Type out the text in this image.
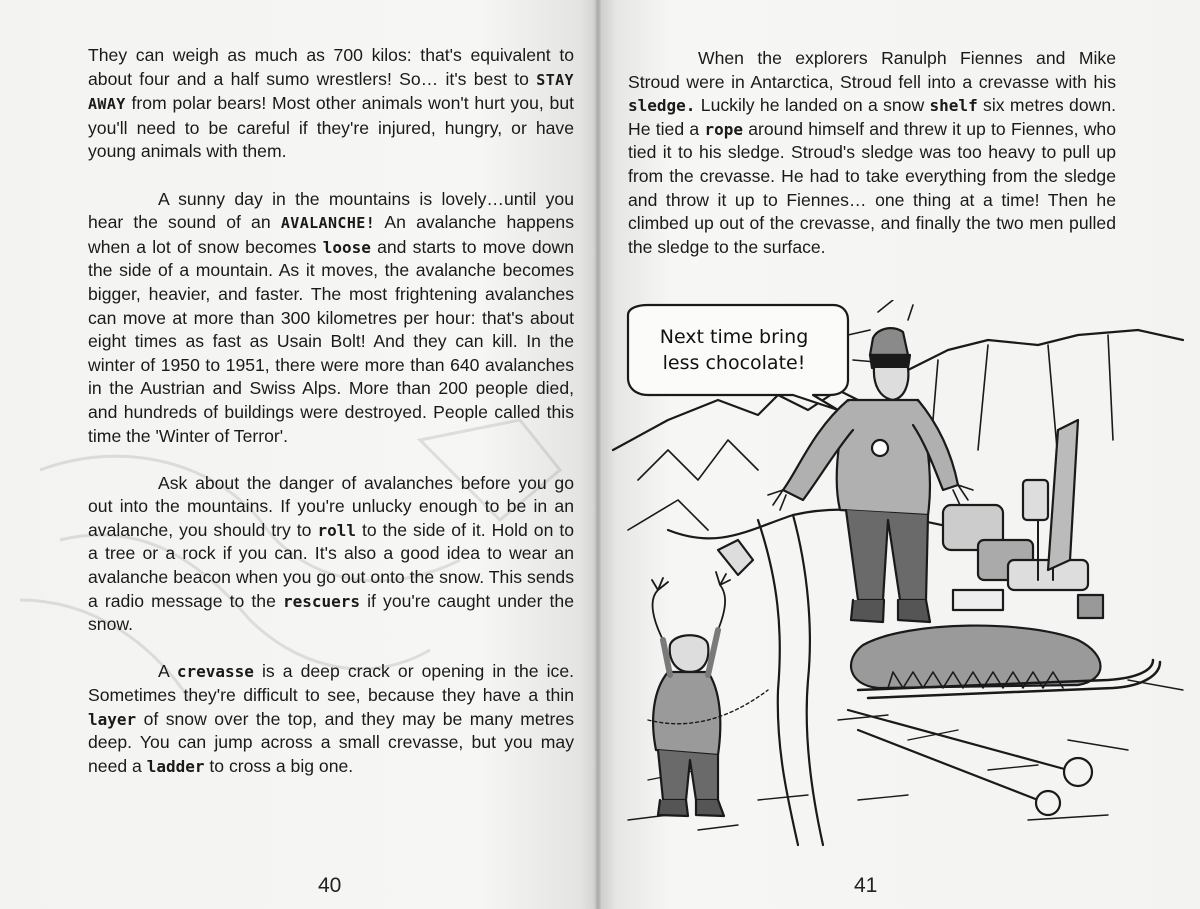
They can weigh as much as 700 kilos: that's equivalent to about four and a half sumo wrestlers! So… it's best to STAY AWAY from polar bears! Most other animals won't hurt you, but you'll need to be careful if they're injured, hungry, or have young animals with them.

A sunny day in the mountains is lovely…until you hear the sound of an AVALANCHE! An avalanche happens when a lot of snow becomes loose and starts to move down the side of a mountain. As it moves, the avalanche becomes bigger, heavier, and faster. The most frightening avalanches can move at more than 300 kilometres per hour: that's about eight times as fast as Usain Bolt! And they can kill. In the winter of 1950 to 1951, there were more than 640 avalanches in the Austrian and Swiss Alps. More than 200 people died, and hundreds of buildings were destroyed. People called this time the 'Winter of Terror'.

Ask about the danger of avalanches before you go out into the mountains. If you're unlucky enough to be in an avalanche, you should try to roll to the side of it. Hold on to a tree or a rock if you can. It's also a good idea to wear an avalanche beacon when you go out onto the snow. This sends a radio message to the rescuers if you're caught under the snow.

A crevasse is a deep crack or opening in the ice. Sometimes they're difficult to see, because they have a thin layer of snow over the top, and they may be many metres deep. You can jump across a small crevasse, but you may need a ladder to cross a big one.

40

When the explorers Ranulph Fiennes and Mike Stroud were in Antarctica, Stroud fell into a crevasse with his sledge. Luckily he landed on a snow shelf six metres down. He tied a rope around himself and threw it up to Fiennes, who tied it to his sledge. Stroud's sledge was too heavy to pull up from the crevasse. He had to take everything from the sledge and throw it up to Fiennes… one thing at a time! Then he climbed up out of the crevasse, and finally the two men pulled the sledge to the surface.

Next time bring
less chocolate!
41
